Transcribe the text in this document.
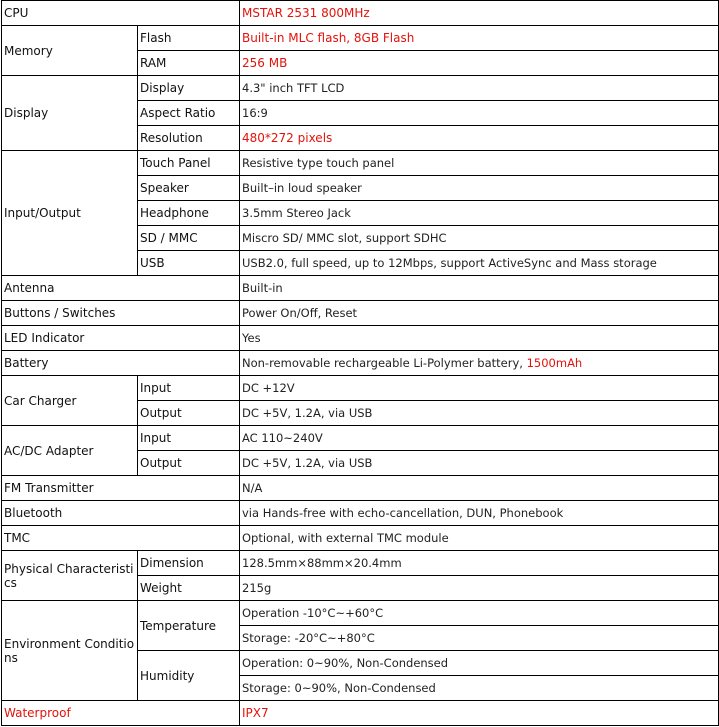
CPU		MSTAR 2531 800MHz
Memory	Flash	Built-in MLC flash, 8GB Flash
	RAM	256 MB
Display	Display	4.3" inch TFT LCD
	Aspect Ratio	16:9
	Resolution	480*272 pixels
Input/Output	Touch Panel	Resistive type touch panel
	Speaker	Built–in loud speaker
	Headphone	3.5mm Stereo Jack
	SD / MMC	Miscro SD/ MMC slot, support SDHC
	USB	USB2.0, full speed, up to 12Mbps, support ActiveSync and Mass storage
Antenna		Built-in
Buttons / Switches		Power On/Off, Reset
LED Indicator		Yes
Battery		Non-removable rechargeable Li-Polymer battery, 1500mAh
Car Charger	Input	DC +12V
	Output	DC +5V, 1.2A, via USB
AC/DC Adapter	Input	AC 110~240V
	Output	DC +5V, 1.2A, via USB
FM Transmitter		N/A
Bluetooth		via Hands-free with echo-cancellation, DUN, Phonebook
TMC		Optional, with external TMC module
Physical Characteristics	Dimension	128.5mm×88mm×20.4mm
	Weight	215g
Environment Conditions	Temperature	Operation -10°C~+60°C
		Storage: -20°C~+80°C
	Humidity	Operation: 0~90%, Non-Condensed
		Storage: 0~90%, Non-Condensed
Waterproof		IPX7
